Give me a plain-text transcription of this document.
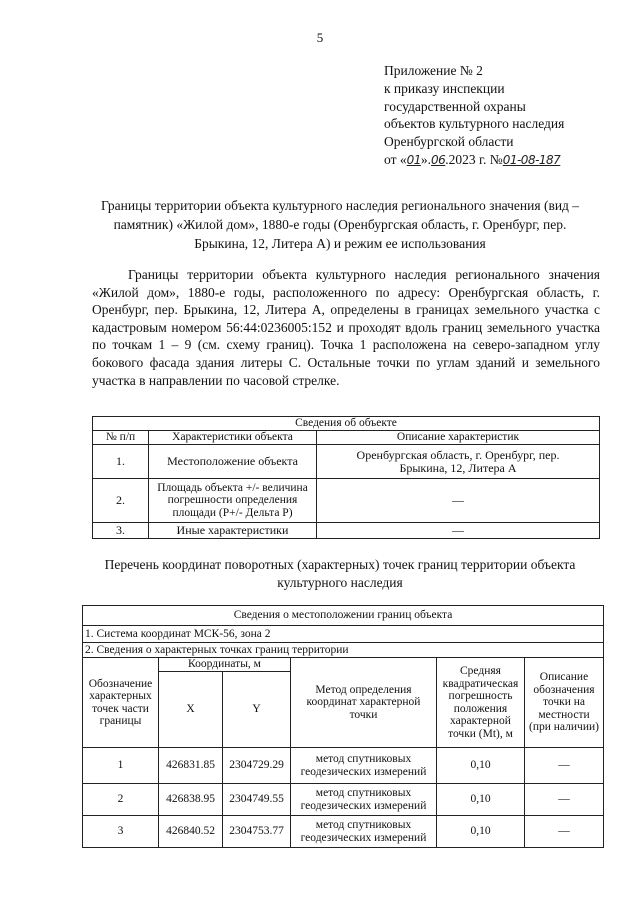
5
Приложение № 2
к приказу инспекции
государственной охраны
объектов культурного наследия
Оренбургской области
от «01».06.2023 г. №01-08-187
Границы территории объекта культурного наследия регионального значения (вид – памятник) «Жилой дом», 1880-е годы (Оренбургская область, г. Оренбург, пер. Брыкина, 12, Литера А) и режим ее использования
Границы территории объекта культурного наследия регионального значения «Жилой дом», 1880-е годы, расположенного по адресу: Оренбургская область, г. Оренбург, пер. Брыкина, 12, Литера А, определены в границах земельного участка с кадастровым номером 56:44:0236005:152 и проходят вдоль границ земельного участка по точкам 1 – 9 (см. схему границ). Точка 1 расположена на северо-западном углу бокового фасада здания литеры С. Остальные точки по углам зданий и земельного участка в направлении по часовой стрелке.
Сведения об объекте		
№ п/п	Характеристики объекта	Описание характеристик
1.	Местоположение объекта	Оренбургская область, г. Оренбург, пер. Брыкина, 12, Литера А
2.	Площадь объекта +/- величина погрешности определения площади (Р+/- Дельта Р)	—
3.	Иные характеристики	—
Перечень координат поворотных (характерных) точек границ территории объекта культурного наследия
Сведения о местоположении границ объекта					
1. Система координат МСК-56, зона 2					
2. Сведения о характерных точках границ территории					
Обозначение характерных точек части границы	Координаты, м		Метод определения координат характерной точки	Средняя квадратическая погрешность положения характерной точки (Mt), м	Описание обозначения точки на местности (при наличии)
	X	Y			
1	426831.85	2304729.29	метод спутниковых геодезических измерений	0,10	—
2	426838.95	2304749.55	метод спутниковых геодезических измерений	0,10	—
3	426840.52	2304753.77	метод спутниковых геодезических измерений	0,10	—
